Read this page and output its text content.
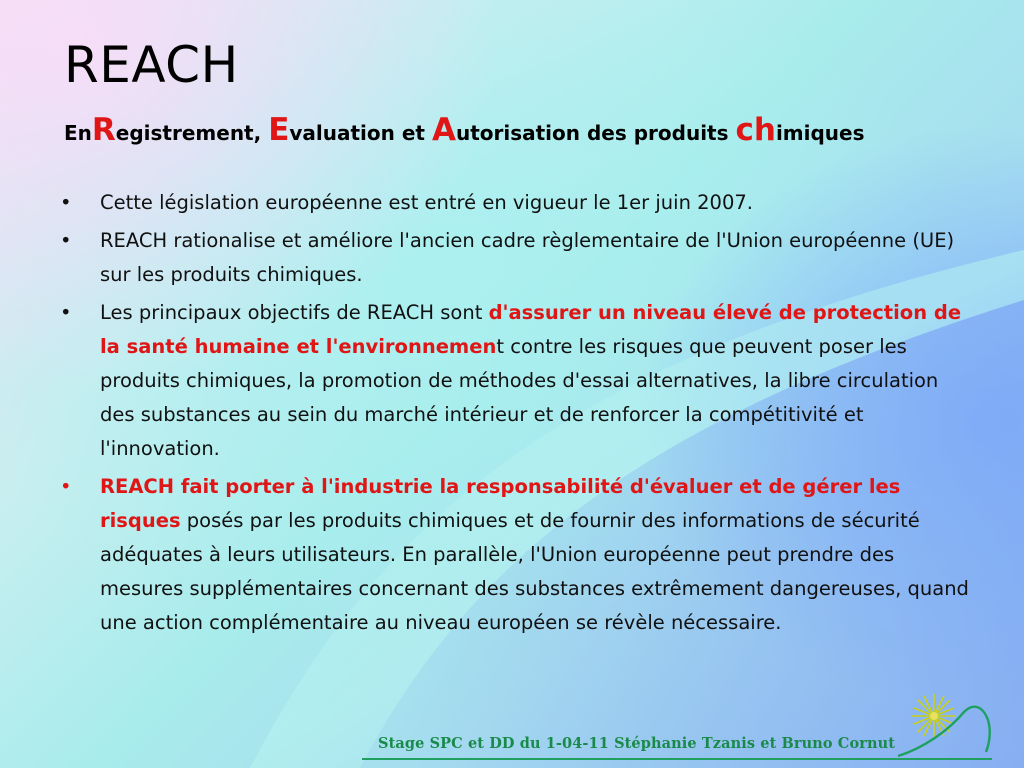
REACH
EnRegistrement, Evaluation et Autorisation des produits chimiques
•	Cette législation européenne est entré en vigueur le 1er juin 2007.
•	REACH rationalise et améliore l'ancien cadre règlementaire de l'Union européenne (UE) sur les produits chimiques.
•	Les principaux objectifs de REACH sont d'assurer un niveau élevé de protection de la santé humaine et l'environnement contre les risques que peuvent poser les produits chimiques, la promotion de méthodes d'essai alternatives, la libre circulation des substances au sein du marché intérieur et de renforcer la compétitivité et l'innovation.
•	REACH fait porter à l'industrie la responsabilité d'évaluer et de gérer les risques posés par les produits chimiques et de fournir des informations de sécurité adéquates à leurs utilisateurs. En parallèle, l'Union européenne peut prendre des mesures supplémentaires concernant des substances extrêmement dangereuses, quand une action complémentaire au niveau européen se révèle nécessaire.
Stage SPC et DD du 1-04-11 Stéphanie Tzanis et Bruno Cornut
